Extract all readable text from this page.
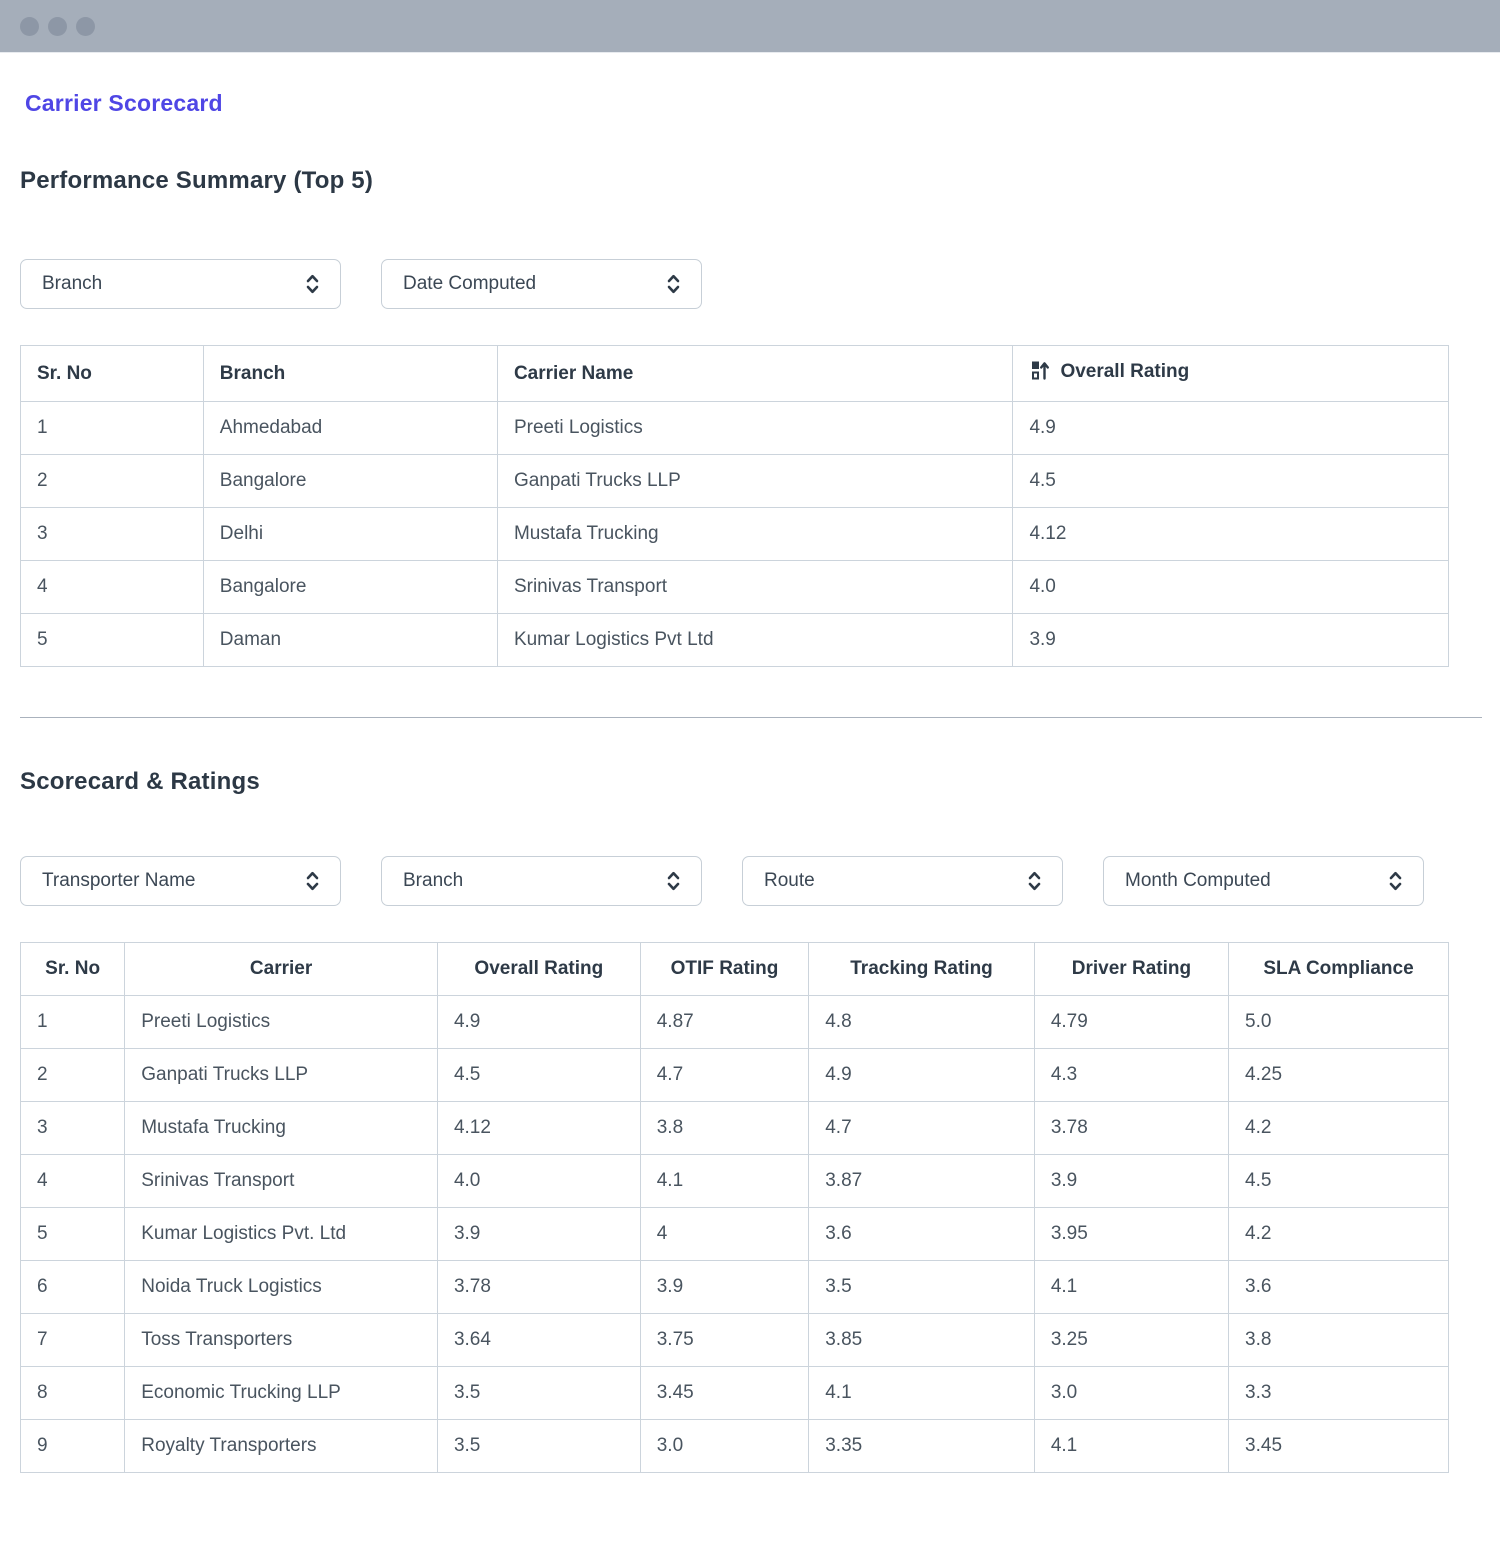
Carrier Scorecard
Performance Summary (Top 5)
Branch	Date Computed
Sr. No	Branch	Carrier Name	Overall Rating
1	Ahmedabad	Preeti Logistics	4.9
2	Bangalore	Ganpati Trucks LLP	4.5
3	Delhi	Mustafa Trucking	4.12
4	Bangalore	Srinivas Transport	4.0
5	Daman	Kumar Logistics Pvt Ltd	3.9
Scorecard & Ratings
Transporter Name	Branch	Route	Month Computed
Sr. No	Carrier	Overall Rating	OTIF Rating	Tracking Rating	Driver Rating	SLA Compliance
1	Preeti Logistics	4.9	4.87	4.8	4.79	5.0
2	Ganpati Trucks LLP	4.5	4.7	4.9	4.3	4.25
3	Mustafa Trucking	4.12	3.8	4.7	3.78	4.2
4	Srinivas Transport	4.0	4.1	3.87	3.9	4.5
5	Kumar Logistics Pvt. Ltd	3.9	4	3.6	3.95	4.2
6	Noida Truck Logistics	3.78	3.9	3.5	4.1	3.6
7	Toss Transporters	3.64	3.75	3.85	3.25	3.8
8	Economic Trucking LLP	3.5	3.45	4.1	3.0	3.3
9	Royalty Transporters	3.5	3.0	3.35	4.1	3.45
